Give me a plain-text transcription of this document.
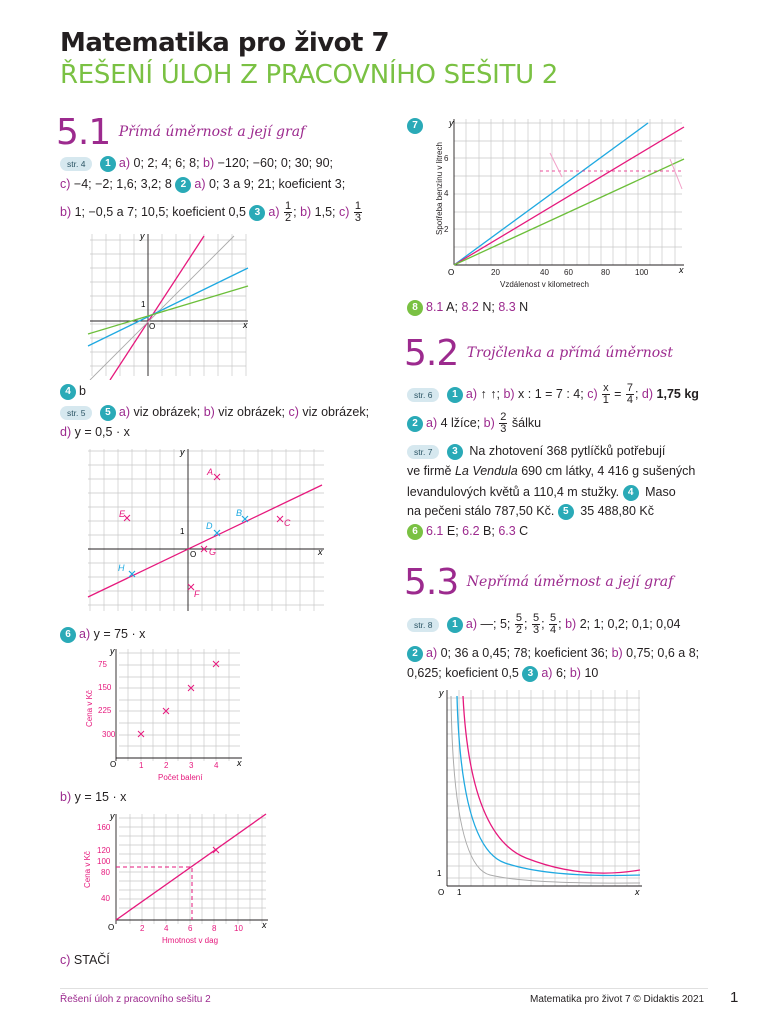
Matematika pro život 7
ŘEŠENÍ ÚLOH Z PRACOVNÍHO SEŠITU 2
5.1 Přímá úměrnost a její graf
str. 4 1 a) 0; 2; 4; 6; 8; b) −120; −60; 0; 30; 90;
c) −4; −2; 1,6; 3,2; 8 2 a) 0; 3 a 9; 21; koeficient 3;
b) 1; −0,5 a 7; 10,5; koeficient 0,5 3 $a) \frac{1}{2}$ ; b) 1,5; $c) \frac{1}{3}$
y
x
1
O
4 b
str. 5 5 a) viz obrázek; b) viz obrázek; c) viz obrázek;
d) y = 0,5 · x
A
B
C
D
E
F
G
H
y
x
1
O
6 a) y = 75 · x
75
150
225
300
1	2	3	4
Počet balení
Cena v Kč
y
x
O
b) y = 15 · x
160
120
100
80
40
2 4 6 8 10
Hmotnost v dag
Cena v Kč
y
x
O
c) STAČÍ
7
6
4
2
20	40 60	80	100
Vzdálenost v kilometrech
Spotřeba benzínu v litrech
y
x
O
8 8.1 A; 8.2 N; 8.3 N
5.2 Trojčlenka a přímá úměrnost
str. 6 1 a) ↑ ↑; b) x : 1 = 7 : 4; $c) \frac{x}{1} = \frac{7}{4}$ ; d) 1,75 kg
2 a) 4 lžíce; $b) \frac{2}{3}$ šálku
str. 7 3 Na zhotovení 368 pytlíčků potřebují
ve firmě La Vendula 690 cm látky, 4 416 g sušených
levandulových květů a 110,4 m stužky. 4 Maso
na pečeni stálo 787,50 Kč. 5 35 488,80 Kč
6 6.1 E; 6.2 B; 6.3 C
5.3 Nepřímá úměrnost a její graf
str. 8 1 a) —; 5; $\frac{5}{2}$ ; $\frac{5}{3}$ ; $\frac{5}{4}$ ; b) 2; 1; 0,2; 0,1; 0,04
2 a) 0; 36 a 0,45; 78; koeficient 36; b) 0,75; 0,6 a 8;
0,625; koeficient 0,5 3 a) 6; b) 10
y
x
O
1
1
Řešení úloh z pracovního sešitu 2	Matematika pro život 7 © Didaktis 2021 1
